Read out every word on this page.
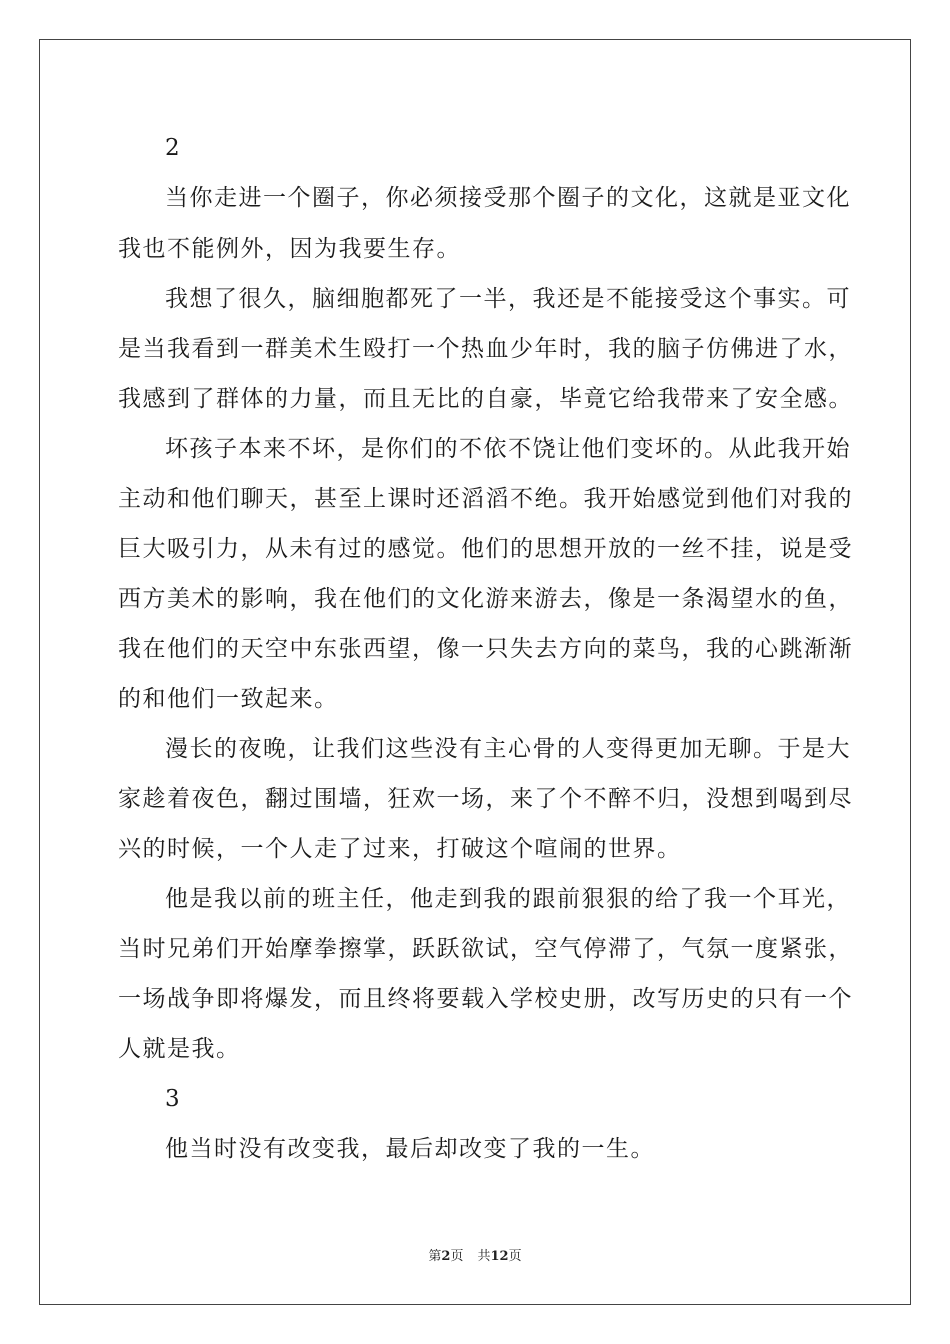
2
当你走进一个圈子，你必须接受那个圈子的文化，这就是亚文化
我也不能例外，因为我要生存。
我想了很久，脑细胞都死了一半，我还是不能接受这个事实。可
是当我看到一群美术生殴打一个热血少年时，我的脑子仿佛进了水，
我感到了群体的力量，而且无比的自豪，毕竟它给我带来了安全感。
坏孩子本来不坏，是你们的不依不饶让他们变坏的。从此我开始
主动和他们聊天，甚至上课时还滔滔不绝。我开始感觉到他们对我的
巨大吸引力，从未有过的感觉。他们的思想开放的一丝不挂，说是受
西方美术的影响，我在他们的文化游来游去，像是一条渴望水的鱼，
我在他们的天空中东张西望，像一只失去方向的菜鸟，我的心跳渐渐
的和他们一致起来。
漫长的夜晚，让我们这些没有主心骨的人变得更加无聊。于是大
家趁着夜色，翻过围墙，狂欢一场，来了个不醉不归，没想到喝到尽
兴的时候，一个人走了过来，打破这个喧闹的世界。
他是我以前的班主任，他走到我的跟前狠狠的给了我一个耳光，
当时兄弟们开始摩拳擦掌，跃跃欲试，空气停滞了，气氛一度紧张，
一场战争即将爆发，而且终将要载入学校史册，改写历史的只有一个
人就是我。
3
他当时没有改变我，最后却改变了我的一生。
第2页 共12页
